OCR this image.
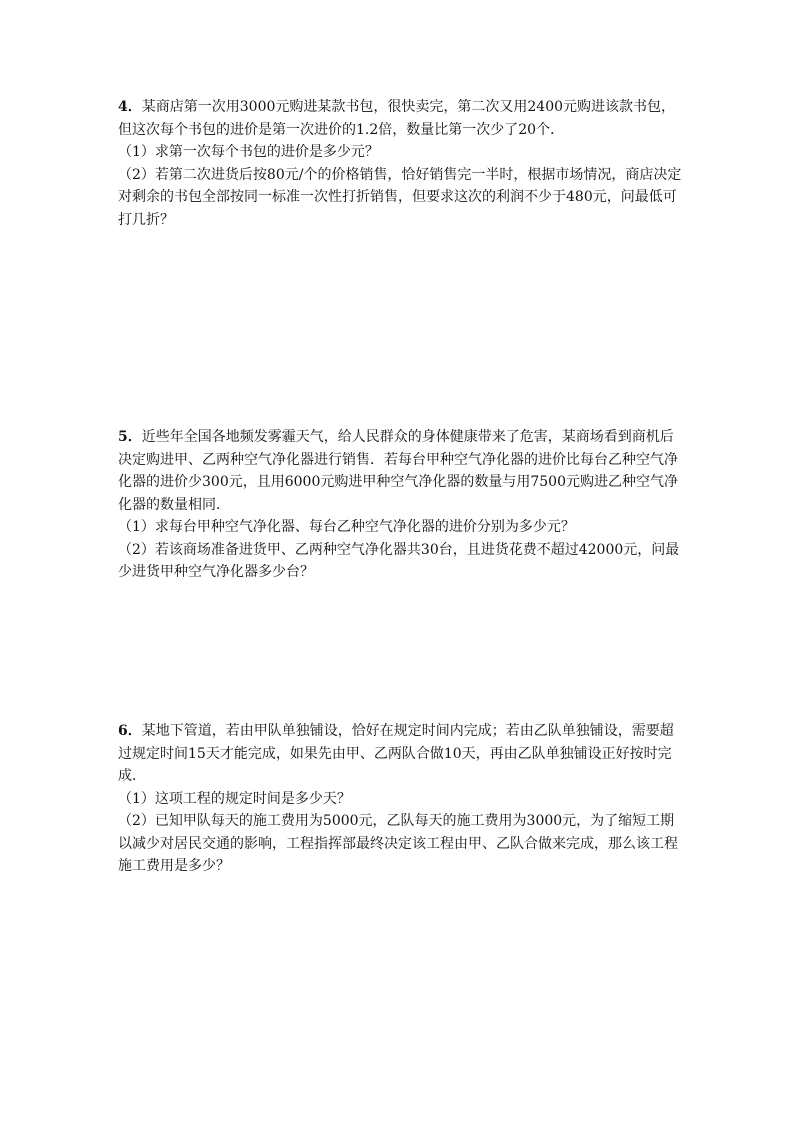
4．某商店第一次用3000元购进某款书包，很快卖完，第二次又用2400元购进该款书包，但这次每个书包的进价是第一次进价的1.2倍，数量比第一次少了20个．

（1）求第一次每个书包的进价是多少元？

（2）若第二次进货后按80元/个的价格销售，恰好销售完一半时，根据市场情况，商店决定对剩余的书包全部按同一标准一次性打折销售，但要求这次的利润不少于480元，问最低可打几折？

5．近些年全国各地频发雾霾天气，给人民群众的身体健康带来了危害，某商场看到商机后决定购进甲、乙两种空气净化器进行销售．若每台甲种空气净化器的进价比每台乙种空气净化器的进价少300元，且用6000元购进甲种空气净化器的数量与用7500元购进乙种空气净化器的数量相同．

（1）求每台甲种空气净化器、每台乙种空气净化器的进价分别为多少元？

（2）若该商场准备进货甲、乙两种空气净化器共30台，且进货花费不超过42000元，问最少进货甲种空气净化器多少台？

6．某地下管道，若由甲队单独铺设，恰好在规定时间内完成；若由乙队单独铺设，需要超过规定时间15天才能完成，如果先由甲、乙两队合做10天，再由乙队单独铺设正好按时完成．

（1）这项工程的规定时间是多少天？

（2）已知甲队每天的施工费用为5000元，乙队每天的施工费用为3000元，为了缩短工期以减少对居民交通的影响，工程指挥部最终决定该工程由甲、乙队合做来完成，那么该工程施工费用是多少？
